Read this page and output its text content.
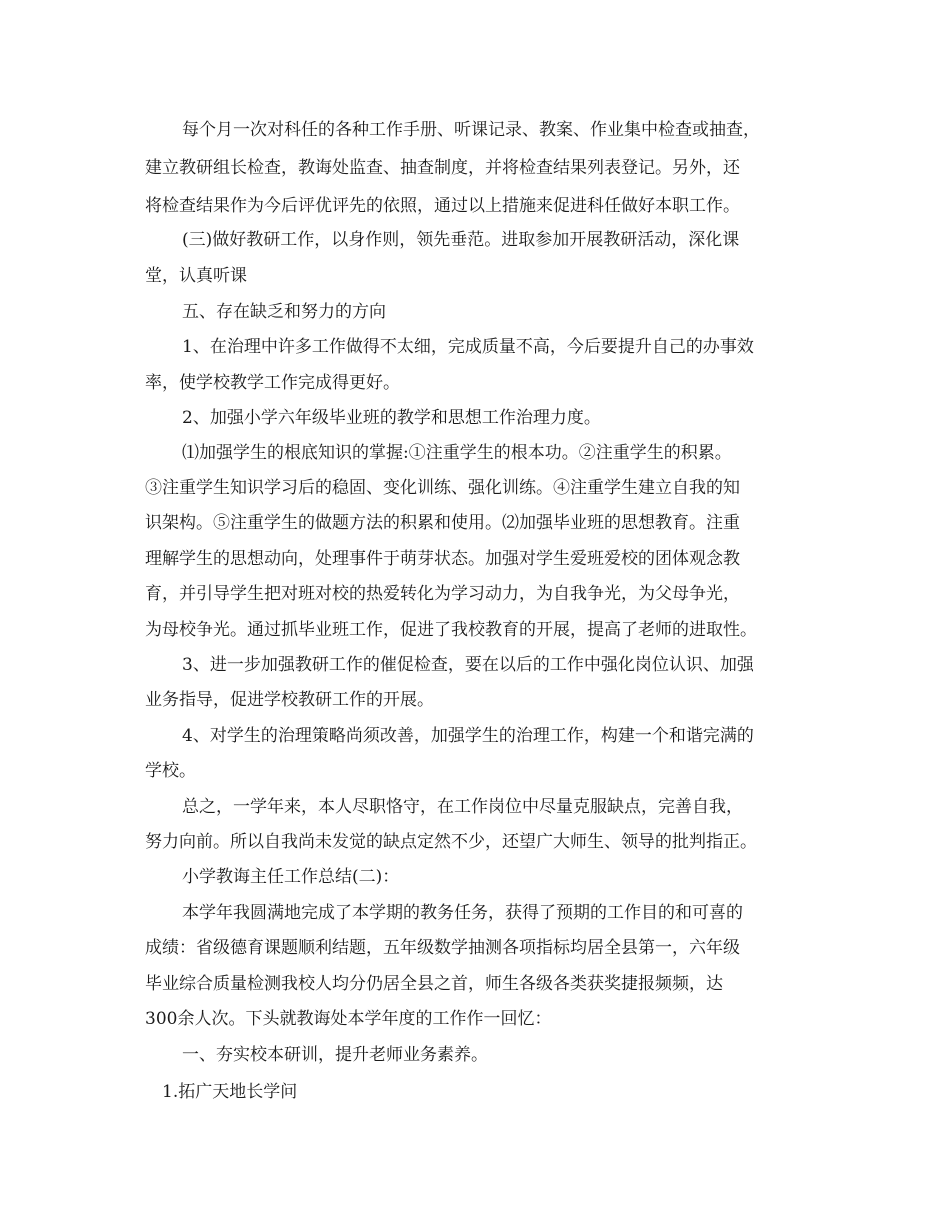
每个月一次对科任的各种工作手册、听课记录、教案、作业集中检查或抽查，
建立教研组长检查，教诲处监查、抽查制度，并将检查结果列表登记。另外，还
将检查结果作为今后评优评先的依照，通过以上措施来促进科任做好本职工作。
(三)做好教研工作，以身作则，领先垂范。进取参加开展教研活动，深化课
堂，认真听课
五、存在缺乏和努力的方向
1、在治理中许多工作做得不太细，完成质量不高，今后要提升自己的办事效
率，使学校教学工作完成得更好。
2、加强小学六年级毕业班的教学和思想工作治理力度。
⑴加强学生的根底知识的掌握:①注重学生的根本功。②注重学生的积累。
③注重学生知识学习后的稳固、变化训练、强化训练。④注重学生建立自我的知
识架构。⑤注重学生的做题方法的积累和使用。⑵加强毕业班的思想教育。注重
理解学生的思想动向，处理事件于萌芽状态。加强对学生爱班爱校的团体观念教
育，并引导学生把对班对校的热爱转化为学习动力，为自我争光，为父母争光，
为母校争光。通过抓毕业班工作，促进了我校教育的开展，提高了老师的进取性。
3、进一步加强教研工作的催促检查，要在以后的工作中强化岗位认识、加强
业务指导，促进学校教研工作的开展。
4、对学生的治理策略尚须改善，加强学生的治理工作，构建一个和谐完满的
学校。
总之，一学年来，本人尽职恪守，在工作岗位中尽量克服缺点，完善自我，
努力向前。所以自我尚未发觉的缺点定然不少，还望广大师生、领导的批判指正。
小学教诲主任工作总结(二)：
本学年我圆满地完成了本学期的教务任务，获得了预期的工作目的和可喜的
成绩：省级德育课题顺利结题，五年级数学抽测各项指标均居全县第一，六年级
毕业综合质量检测我校人均分仍居全县之首，师生各级各类获奖捷报频频，达
300余人次。下头就教诲处本学年度的工作作一回忆：
一、夯实校本研训，提升老师业务素养。
1.拓广天地长学问
